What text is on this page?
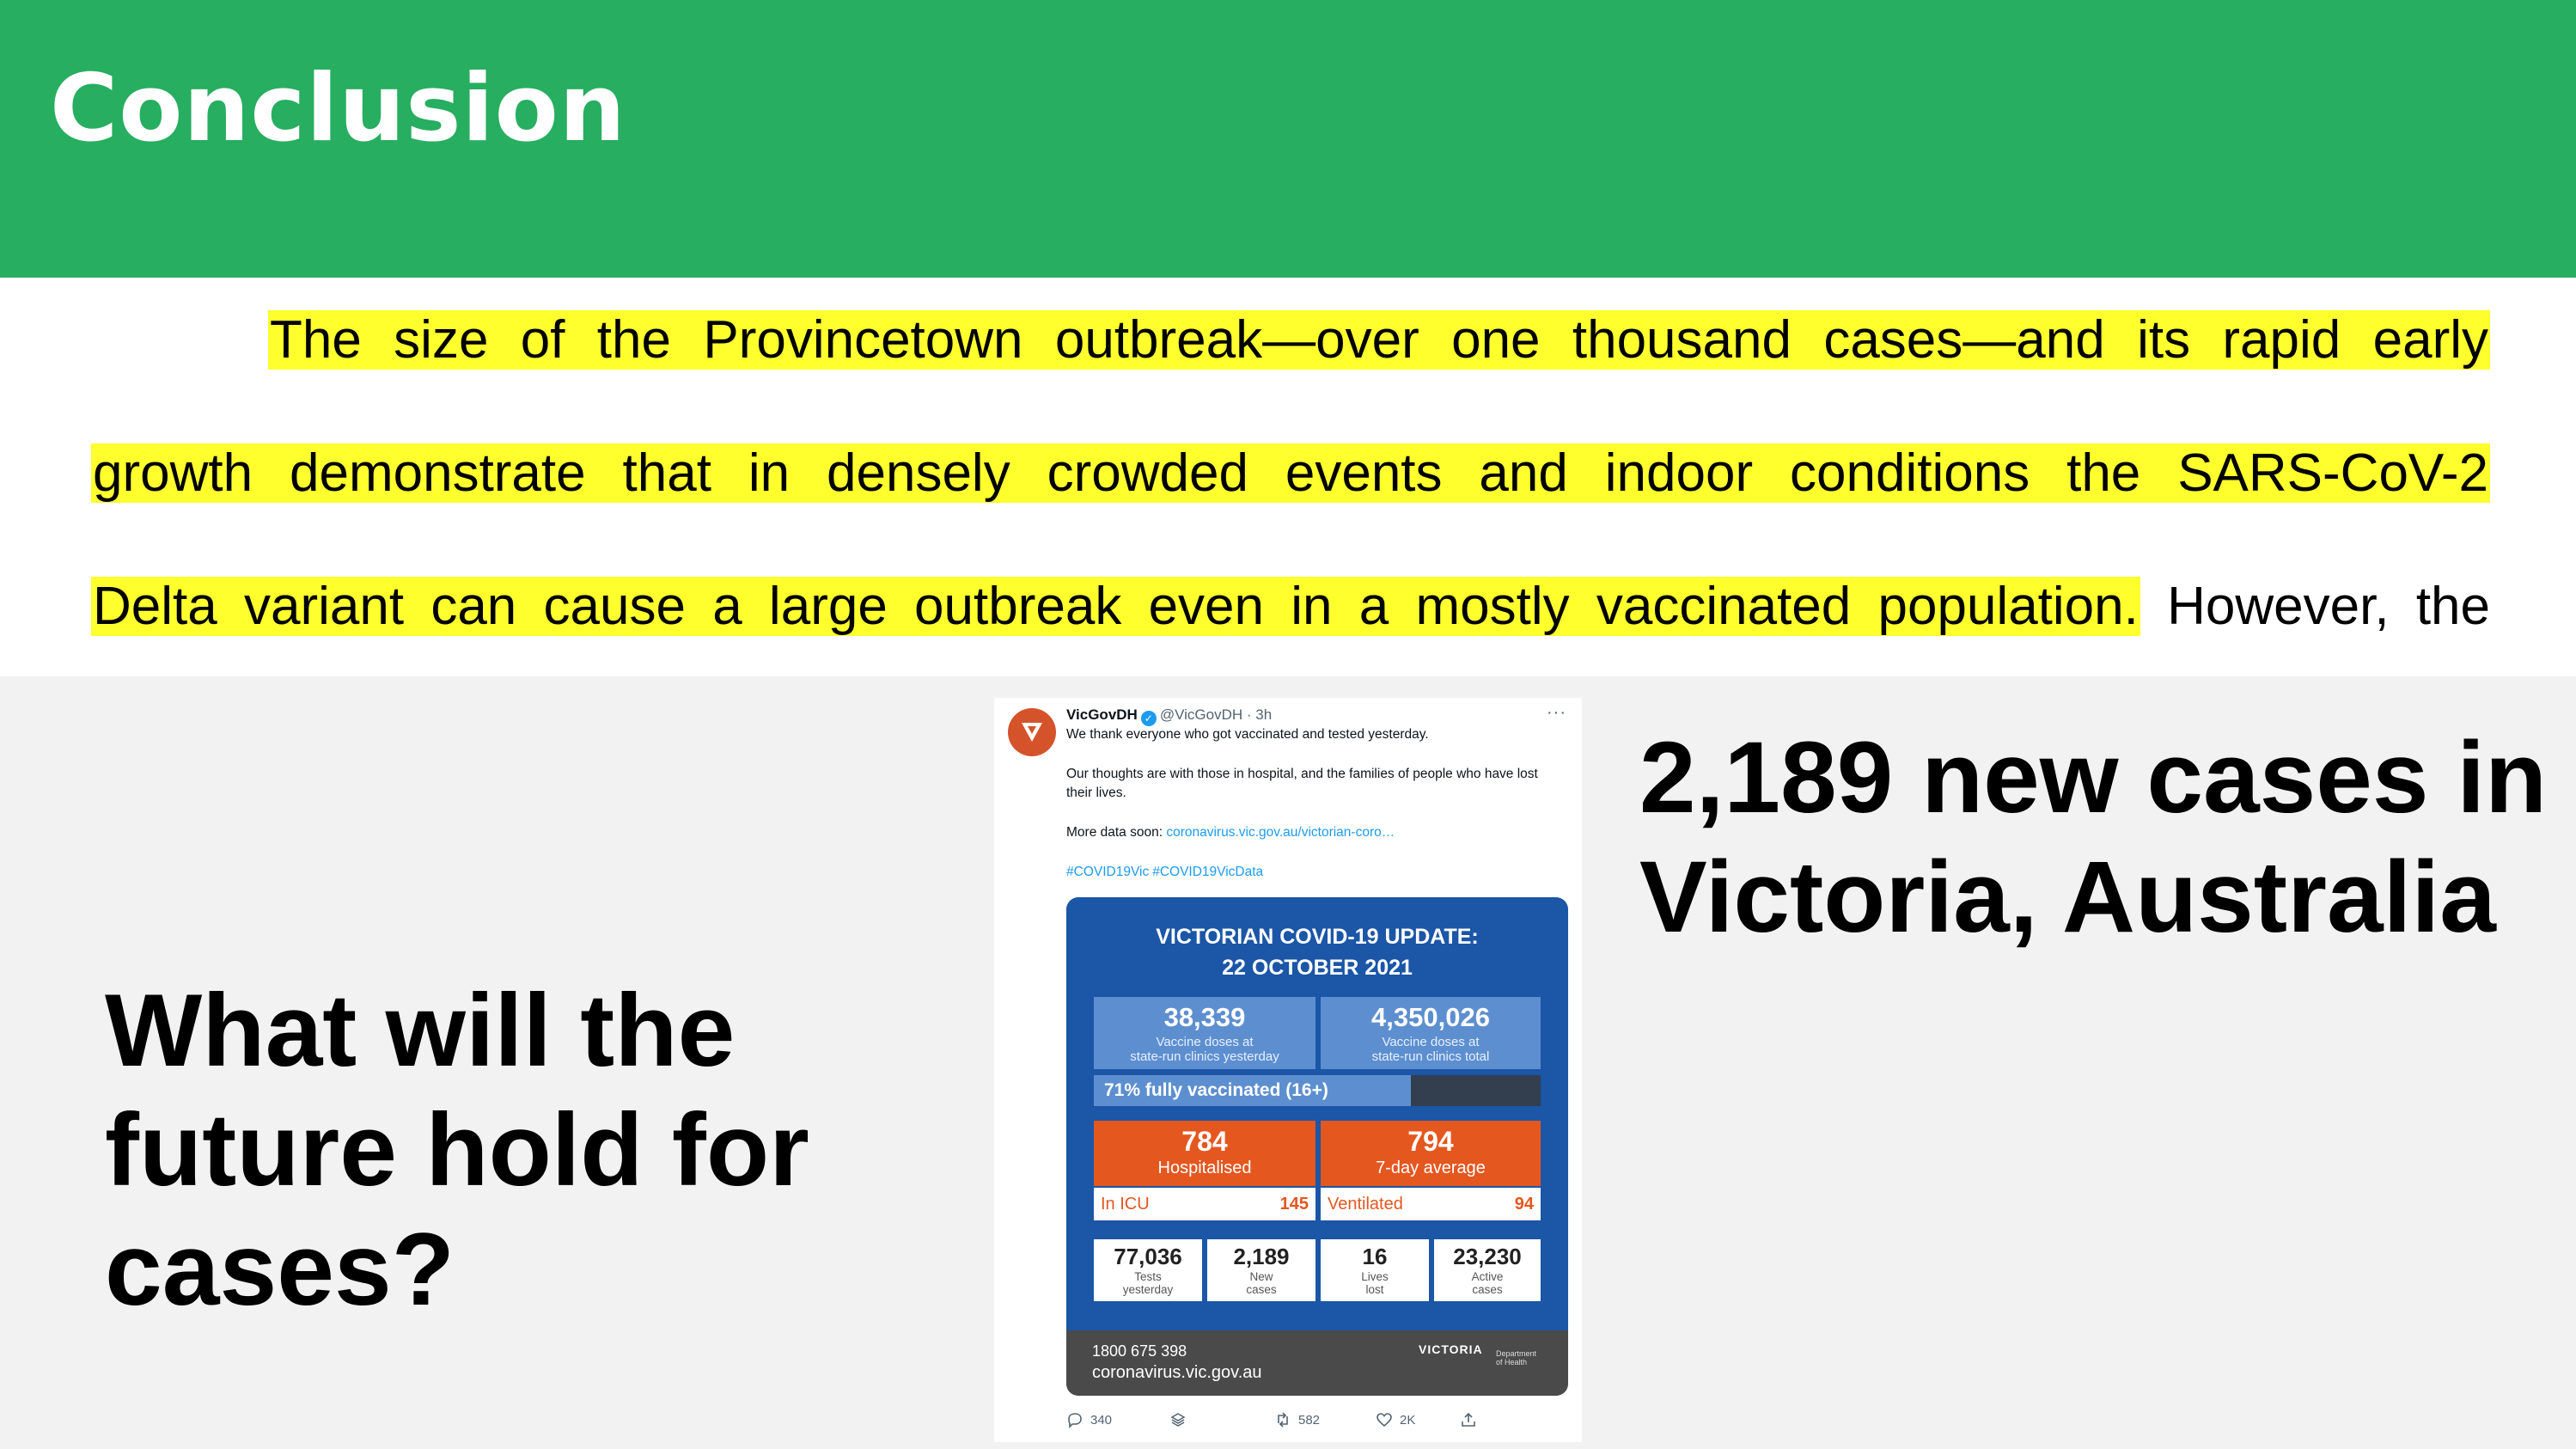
Conclusion
The size of the Provincetown outbreak—over one thousand cases—and its rapid early
growth demonstrate that in densely crowded events and indoor conditions the SARS-CoV-2
Delta variant can cause a large outbreak even in a mostly vaccinated population. However, the
What will the future hold for cases?
2,189 new cases in Victoria, Australia
VicGovDH ✓ @VicGovDH · 3h	···
We thank everyone who got vaccinated and tested yesterday.
Our thoughts are with those in hospital, and the families of people who have lost their lives.
More data soon: coronavirus.vic.gov.au/victorian-coro…
#COVID19Vic #COVID19VicData
VICTORIAN COVID-19 UPDATE:
22 OCTOBER 2021
38,339
Vaccine doses at
state-run clinics yesterday
4,350,026
Vaccine doses at
state-run clinics total
71% fully vaccinated (16+)
784
Hospitalised
794
7-day average
In ICU	145 Ventilated	94
77,036
Tests
yesterday
2,189
New
cases
16
Lives
lost
23,230
Active
cases
1800 675 398
coronavirus.vic.gov.au
VICTORIA Department
of Health
340	582	2K
